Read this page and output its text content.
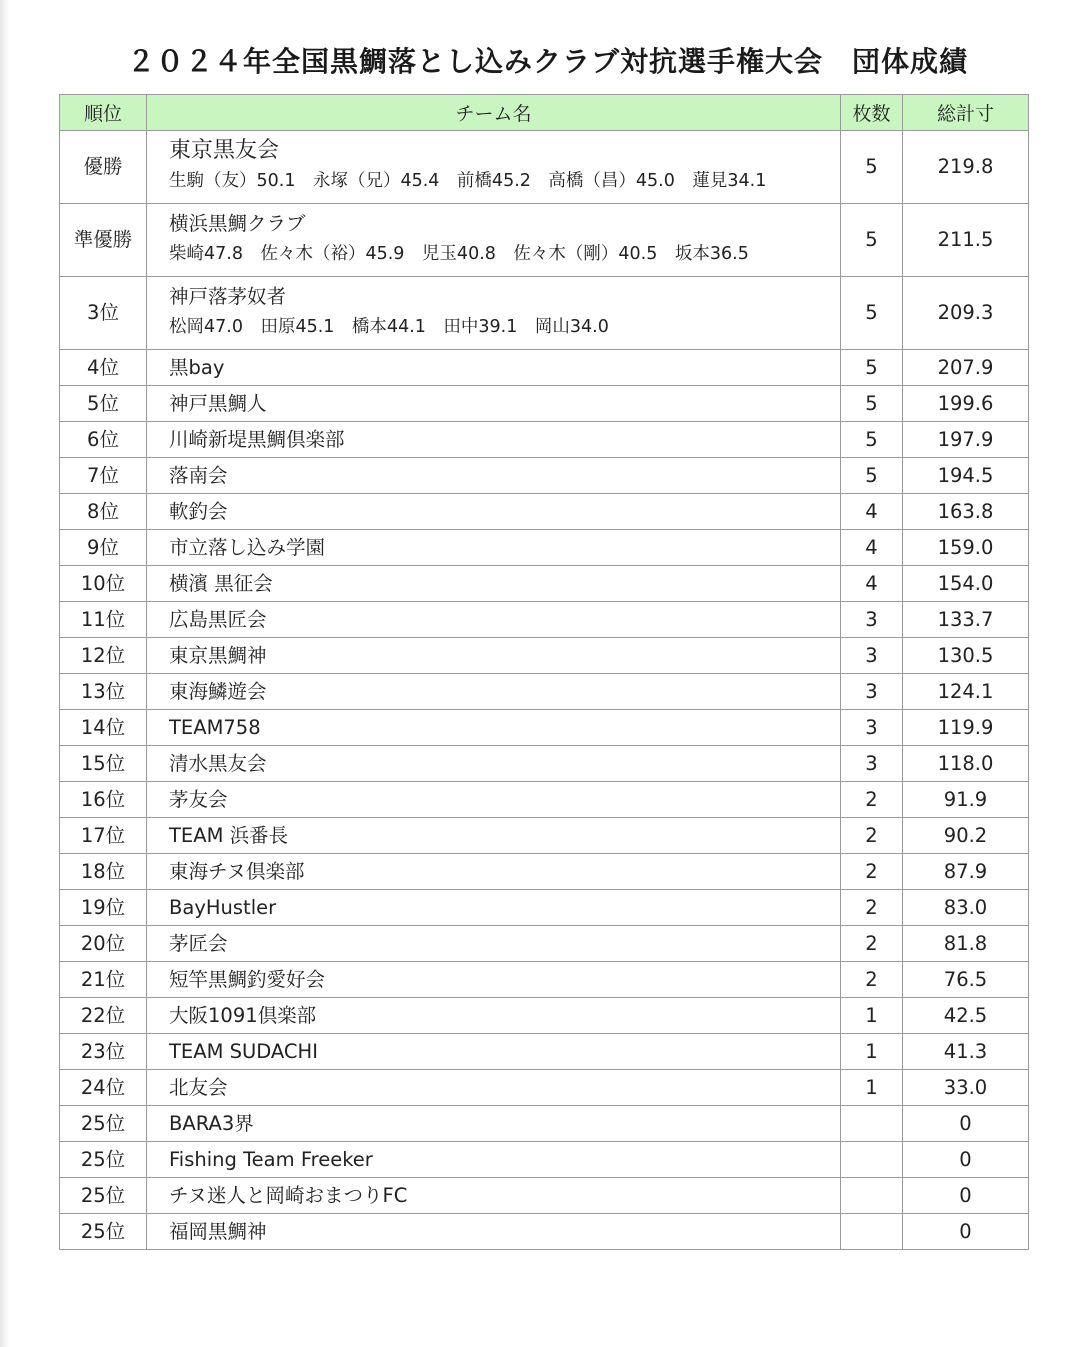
２０２４年全国黒鯛落とし込みクラブ対抗選手権大会　団体成績
順位	チーム名	枚数	総計寸
優勝	東京黒友会
生駒（友）50.1　永塚（兄）45.4　前橋45.2　高橋（昌）45.0　蓮見34.1	5	219.8
準優勝	横浜黒鯛クラブ
柴崎47.8　佐々木（裕）45.9　児玉40.8　佐々木（剛）40.5　坂本36.5	5	211.5
3位	神戸落茅奴者
松岡47.0　田原45.1　橋本44.1　田中39.1　岡山34.0	5	209.3
4位	黒bay	5	207.9
5位	神戸黒鯛人	5	199.6
6位	川崎新堤黒鯛倶楽部	5	197.9
7位	落南会	5	194.5
8位	軟釣会	4	163.8
9位	市立落し込み学園	4	159.0
10位	横濱 黒征会	4	154.0
11位	広島黒匠会	3	133.7
12位	東京黒鯛神	3	130.5
13位	東海鱗遊会	3	124.1
14位	TEAM758	3	119.9
15位	清水黒友会	3	118.0
16位	茅友会	2	91.9
17位	TEAM 浜番長	2	90.2
18位	東海チヌ倶楽部	2	87.9
19位	BayHustler	2	83.0
20位	茅匠会	2	81.8
21位	短竿黒鯛釣愛好会	2	76.5
22位	大阪1091倶楽部	1	42.5
23位	TEAM SUDACHI	1	41.3
24位	北友会	1	33.0
25位	BARA3界		0
25位	Fishing Team Freeker		0
25位	チヌ迷人と岡崎おまつりFC		0
25位	福岡黒鯛神		0
